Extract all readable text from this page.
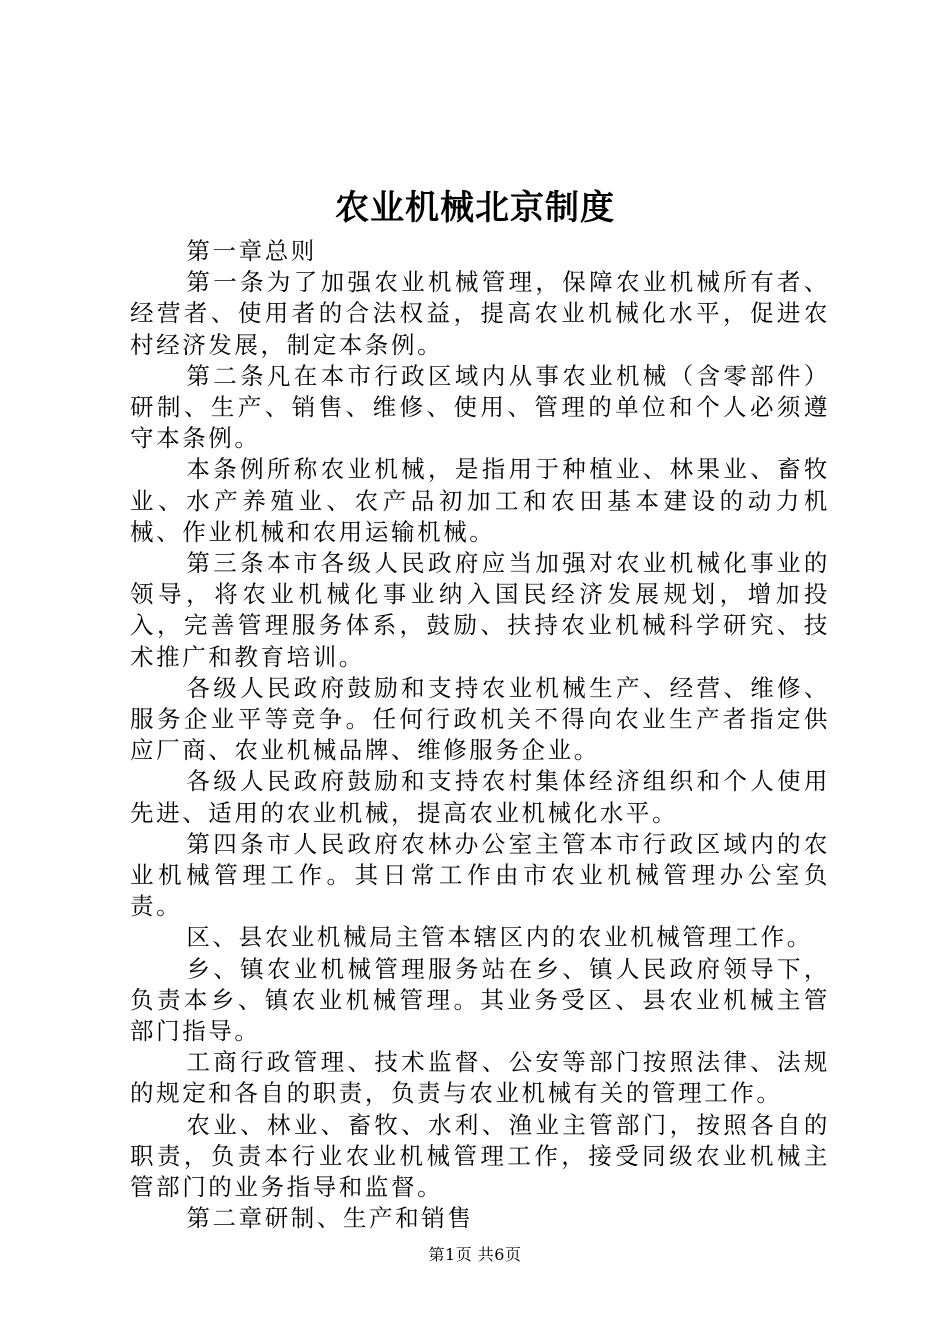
农业机械北京制度

第一章总则

第一条为了加强农业机械管理，保障农业机械所有者、经营者、使用者的合法权益，提高农业机械化水平，促进农村经济发展，制定本条例。

第二条凡在本市行政区域内从事农业机械（含零部件）研制、生产、销售、维修、使用、管理的单位和个人必须遵守本条例。

本条例所称农业机械，是指用于种植业、林果业、畜牧业、水产养殖业、农产品初加工和农田基本建设的动力机械、作业机械和农用运输机械。

第三条本市各级人民政府应当加强对农业机械化事业的领导，将农业机械化事业纳入国民经济发展规划，增加投入，完善管理服务体系，鼓励、扶持农业机械科学研究、技术推广和教育培训。

各级人民政府鼓励和支持农业机械生产、经营、维修、服务企业平等竞争。任何行政机关不得向农业生产者指定供应厂商、农业机械品牌、维修服务企业。

各级人民政府鼓励和支持农村集体经济组织和个人使用先进、适用的农业机械，提高农业机械化水平。

第四条市人民政府农林办公室主管本市行政区域内的农业机械管理工作。其日常工作由市农业机械管理办公室负责。

区、县农业机械局主管本辖区内的农业机械管理工作。

乡、镇农业机械管理服务站在乡、镇人民政府领导下，负责本乡、镇农业机械管理。其业务受区、县农业机械主管部门指导。

工商行政管理、技术监督、公安等部门按照法律、法规的规定和各自的职责，负责与农业机械有关的管理工作。

农业、林业、畜牧、水利、渔业主管部门，按照各自的职责，负责本行业农业机械管理工作，接受同级农业机械主管部门的业务指导和监督。

第二章研制、生产和销售

第1页 共6页
